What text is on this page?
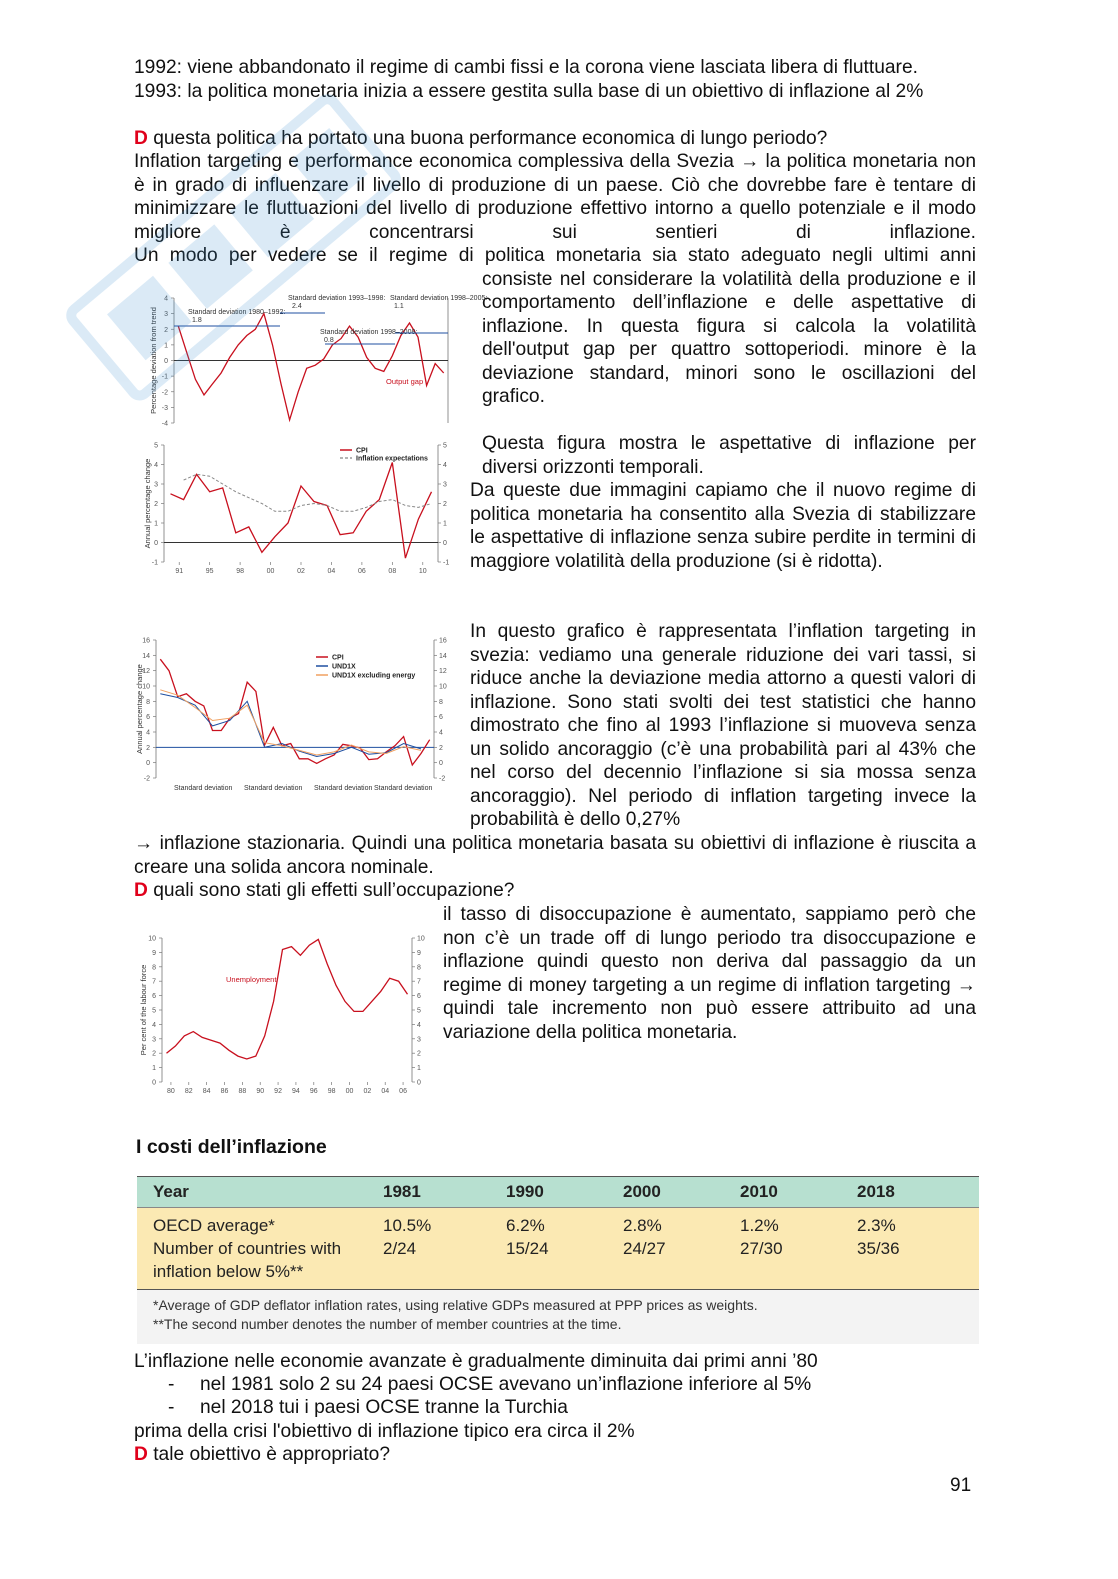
1992: viene abbandonato il regime di cambi fissi e la corona viene lasciata libera di fluttuare.

1993: la politica monetaria inizia a essere gestita sulla base di un obiettivo di inflazione al 2%

D questa politica ha portato una buona performance economica di lungo periodo?

Inflation targeting e performance economica complessiva della Svezia → la politica monetaria non è in grado di influenzare il livello di produzione di un paese. Ciò che dovrebbe fare è tentare di minimizzare le fluttuazioni del livello di produzione effettivo intorno a quello potenziale e il modo migliore è concentrarsi sui sentieri di inflazione.

Un modo per vedere se il regime di politica monetaria sia stato adeguato negli ultimi anni

consiste nel considerare la volatilità della produzione e il comportamento dell’inflazione e delle aspettative di inflazione. In questa figura si calcola la volatilità dell'output gap per quattro sottoperiodi. minore è la deviazione standard, minori sono le oscillazioni del grafico.

Questa figura mostra le aspettative di inflazione per diversi orizzonti temporali.

Da queste due immagini capiamo che il nuovo regime di politica monetaria ha consentito alla Svezia di stabilizzare le aspettative di inflazione senza subire perdite in termini di maggiore volatilità della produzione (si è ridotta).

In questo grafico è rappresentata l’inflation targeting in svezia: vediamo una generale riduzione dei vari tassi, si riduce anche la deviazione media attorno a questi valori di inflazione. Sono stati svolti dei test statistici che hanno dimostrato che fino al 1993 l’inflazione si muoveva senza un solido ancoraggio (c’è una probabilità pari al 43% che nel corso del decennio l’inflazione si sia mossa senza ancoraggio). Nel periodo di inflation targeting invece la probabilità è dello 0,27%

→ inflazione stazionaria. Quindi una politica monetaria basata su obiettivi di inflazione è riuscita a creare una solida ancora nominale.

D quali sono stati gli effetti sull’occupazione?

il tasso di disoccupazione è aumentato, sappiamo però che non c’è un trade off di lungo periodo tra disoccupazione e inflazione quindi questo non deriva dal passaggio da un regime di money targeting a un regime di inflation targeting → quindi tale incremento non può essere attribuito ad una variazione della politica monetaria.

4
3
2
1
0
-1
-2
-3
-4
Percentage deviation from trend	Standard deviation 1980–1992:
1.8
Standard deviation 1993–1998:
2.4
Standard deviation 1998–2008:
0.8
Standard deviation 1998–2005:
1.1
Output gap
5	5
4	4
3	3
2	2
1	1
0	0
-1	-1
91	95	98	00	02	04	06	08	10
Annual percentage change
CPI
Inflation expectations
16	16
14	14
12	12
10	10
8	8
6	6
4	4
2	2
0	0
-2	-2
Annual percentage change
CPI
UND1X
UND1X excluding energy
Standard deviation Standard deviation Standard deviation Standard deviation
10	10
9	9
8	8
7	7
6	6
5	5
4	4
3	3
2	2
1	1
0	0
80 82 84 86 88 90 92 94 96 98 00 02 04 06
Per cent of the labour force	Unemployment
I costi dell’inflazione
Year	1981	1990	2000	2010	2018
OECD average*	10.5%	6.2%	2.8%	1.2%	2.3%
Number of countries with	2/24	15/24	24/27	27/30	35/36
inflation below 5%**
*Average of GDP deflator inflation rates, using relative GDPs measured at PPP prices as weights.
**The second number denotes the number of member countries at the time.

L’inflazione nelle economie avanzate è gradualmente diminuita dai primi anni ’80

- nel 1981 solo 2 su 24 paesi OCSE avevano un’inflazione inferiore al 5%
- nel 2018 tui i paesi OCSE tranne la Turchia

prima della crisi l'obiettivo di inflazione tipico era circa il 2%

D tale obiettivo è appropriato?

91
